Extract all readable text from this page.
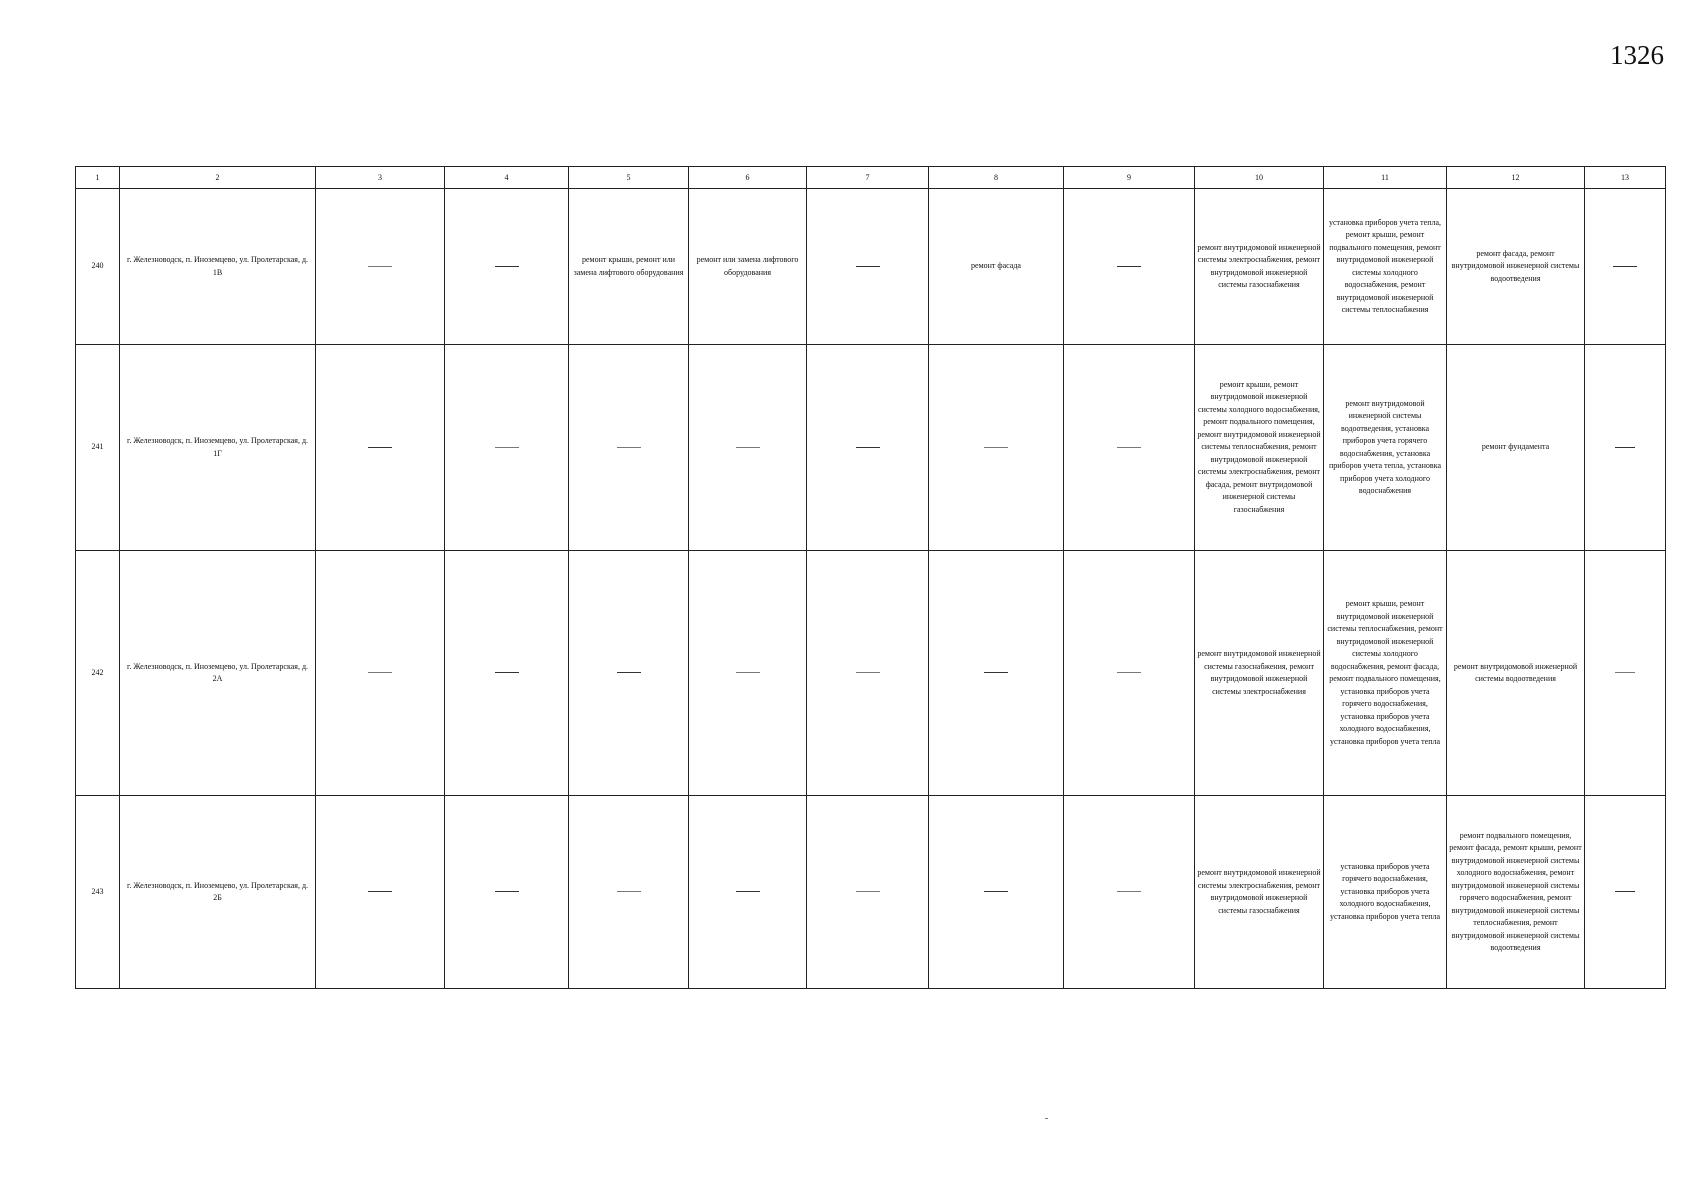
1326
1	2	3	4	5	6	7	8	9	10	11	12	13
240	г. Железноводск, п. Иноземцево, ул. Пролетарская, д. 1В			ремонт крыши, ремонт или замена лифтового оборудования	ремонт или замена лифтового оборудования		ремонт фасада		ремонт внутридомовой инженерной системы электроснабжения, ремонт внутридомовой инженерной системы газоснабжения	установка приборов учета тепла, ремонт крыши, ремонт подвального помещения, ремонт внутридомовой инженерной системы холодного водоснабжения, ремонт внутридомовой инженерной системы теплоснабжения	ремонт фасада, ремонт внутридомовой инженерной системы водоотведения	
241	г. Железноводск, п. Иноземцево, ул. Пролетарская, д. 1Г								ремонт крыши, ремонт внутридомовой инженерной системы холодного водоснабжения, ремонт подвального помещения, ремонт внутридомовой инженерной системы теплоснабжения, ремонт внутридомовой инженерной системы электроснабжения, ремонт фасада, ремонт внутридомовой инженерной системы газоснабжения	ремонт внутридомовой инженерной системы водоотведения, установка приборов учета горячего водоснабжения, установка приборов учета тепла, установка приборов учета холодного водоснабжения	ремонт фундамента	
242	г. Железноводск, п. Иноземцево, ул. Пролетарская, д. 2А								ремонт внутридомовой инженерной системы газоснабжения, ремонт внутридомовой инженерной системы электроснабжения	ремонт крыши, ремонт внутридомовой инженерной системы теплоснабжения, ремонт внутридомовой инженерной системы холодного водоснабжения, ремонт фасада, ремонт подвального помещения, установка приборов учета горячего водоснабжения, установка приборов учета холодного водоснабжения, установка приборов учета тепла	ремонт внутридомовой инженерной системы водоотведения	
243	г. Железноводск, п. Иноземцево, ул. Пролетарская, д. 2Б								ремонт внутридомовой инженерной системы электроснабжения, ремонт внутридомовой инженерной системы газоснабжения	установка приборов учета горячего водоснабжения, установка приборов учета холодного водоснабжения, установка приборов учета тепла	ремонт подвального помещения, ремонт фасада, ремонт крыши, ремонт внутридомовой инженерной системы холодного водоснабжения, ремонт внутридомовой инженерной системы горячего водоснабжения, ремонт внутридомовой инженерной системы теплоснабжения, ремонт внутридомовой инженерной системы водоотведения	
